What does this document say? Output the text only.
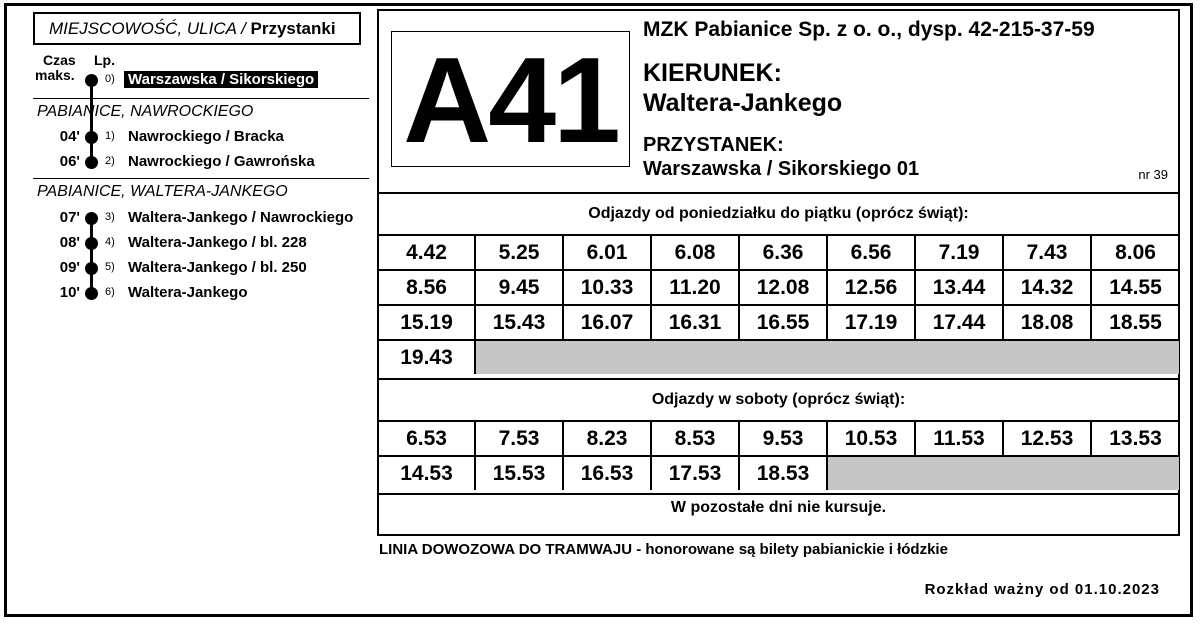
MIEJSCOWOŚĆ, ULICA / Przystanki
Czas
maks.
Lp.
0) Warszawska / Sikorskiego
PABIANICE, NAWROCKIEGO
04' 1) Nawrockiego / Bracka
06' 2) Nawrockiego / Gawrońska
PABIANICE, WALTERA-JANKEGO
07' 3) Waltera-Jankego / Nawrockiego
08' 4) Waltera-Jankego / bl. 228
09' 5) Waltera-Jankego / bl. 250
10' 6) Waltera-Jankego
A41
MZK Pabianice Sp. z o. o., dysp. 42-215-37-59
KIERUNEK:
Waltera-Jankego
PRZYSTANEK:
Warszawska / Sikorskiego 01	nr 39
Odjazdy od poniedziałku do piątku (oprócz świąt):
4.42	5.25	6.01	6.08	6.36	6.56	7.19	7.43	8.06
8.56	9.45	10.33	11.20	12.08	12.56	13.44	14.32	14.55
15.19	15.43	16.07	16.31	16.55	17.19	17.44	18.08	18.55
19.43								
Odjazdy w soboty (oprócz świąt):
6.53	7.53	8.23	8.53	9.53	10.53	11.53	12.53	13.53
14.53	15.53	16.53	17.53	18.53				
W pozostałe dni nie kursuje.
LINIA DOWOZOWA DO TRAMWAJU - honorowane są bilety pabianickie i łódzkie
Rozkład ważny od 01.10.2023
